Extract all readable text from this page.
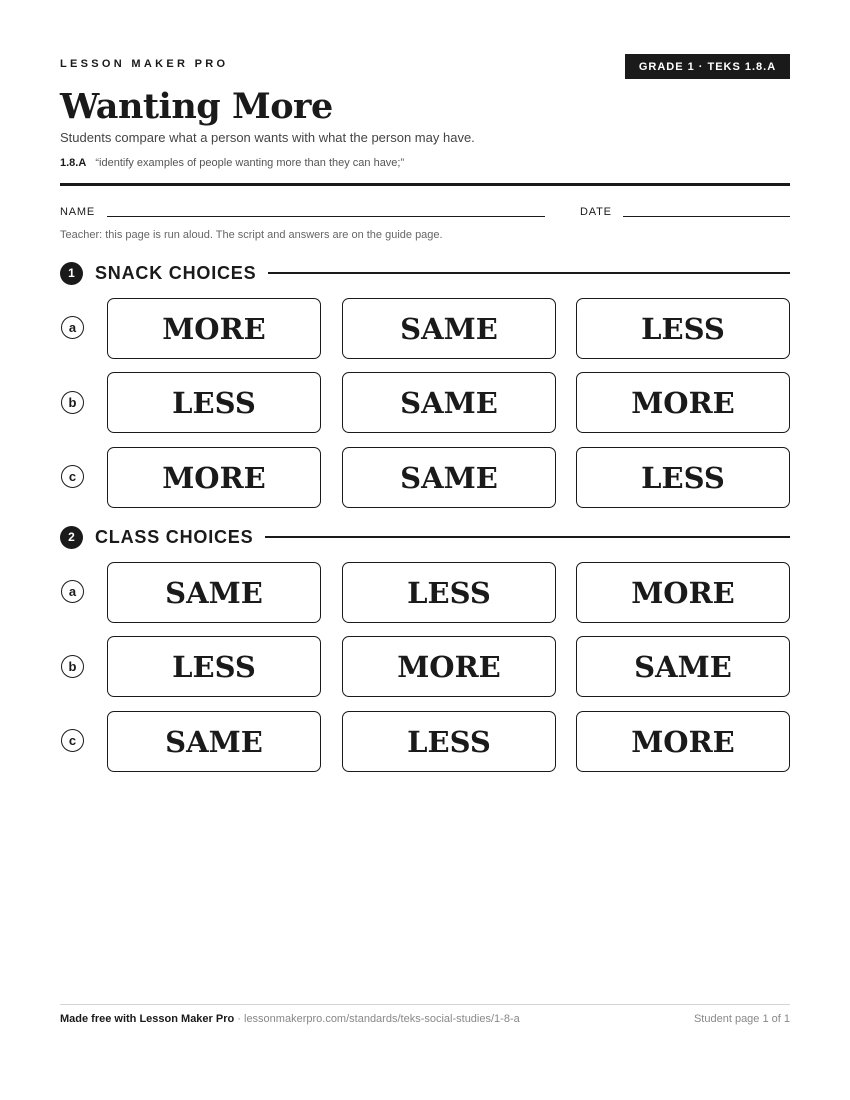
LESSON MAKER PRO	GRADE 1 · TEKS 1.8.A
Wanting More
Students compare what a person wants with what the person may have.
1.8.A “identify examples of people wanting more than they can have;”
NAME	DATE
Teacher: this page is run aloud. The script and answers are on the guide page.
1	SNACK CHOICES
a	MORE	SAME	LESS
b	LESS	SAME	MORE
c	MORE	SAME	LESS
2	CLASS CHOICES
a	SAME	LESS	MORE
b	LESS	MORE	SAME
c	SAME	LESS	MORE
Made free with Lesson Maker Pro · lessonmakerpro.com/standards/teks-social-studies/1-8-a	Student page 1 of 1
